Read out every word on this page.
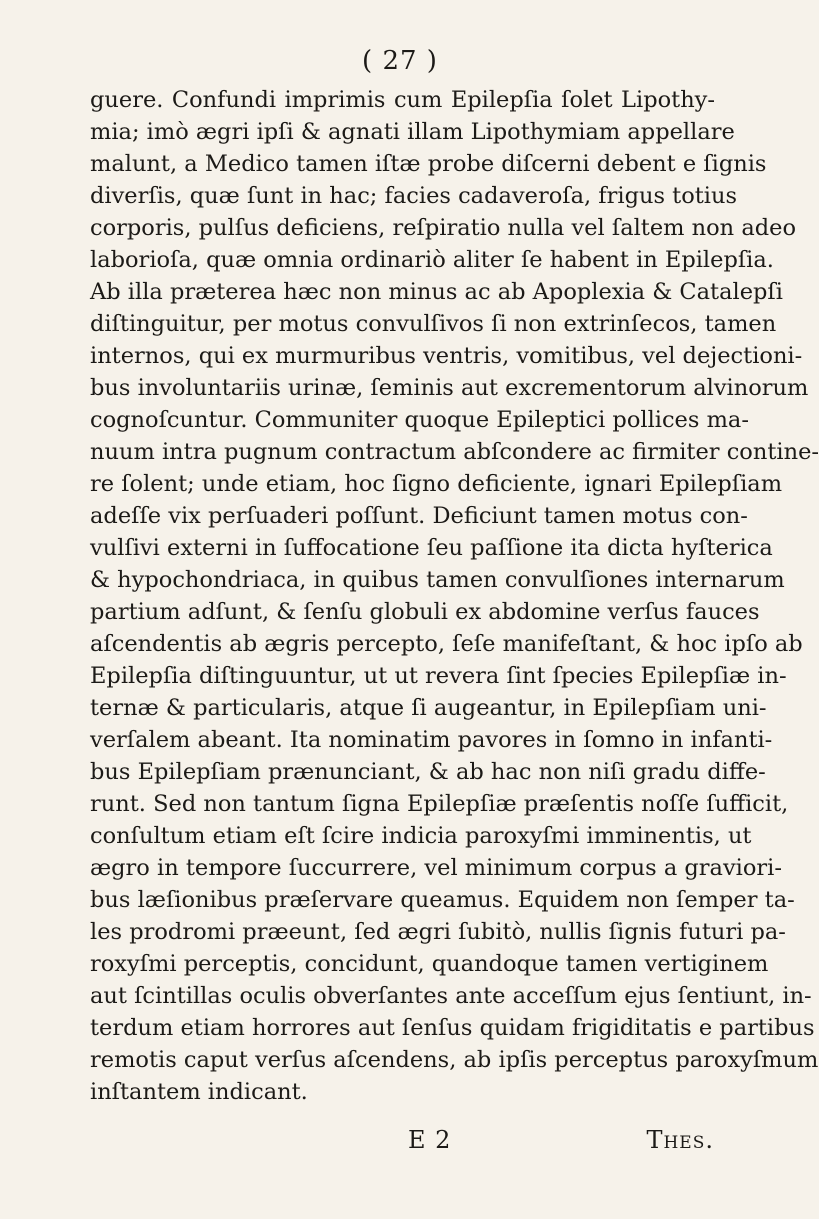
( 27 )
guere. Confundi imprimis cum Epilepſia ſolet Lipothy-
mia; imò ægri ipſi & agnati illam Lipothymiam appellare
malunt, a Medico tamen iſtæ probe diſcerni debent e ſignis
diverſis, quæ ſunt in hac; facies cadaveroſa, frigus totius
corporis, pulſus deficiens, reſpiratio nulla vel ſaltem non adeo
laborioſa, quæ omnia ordinariò aliter ſe habent in Epilepſia.
Ab illa præterea hæc non minus ac ab Apoplexia & Catalepſi
diſtinguitur, per motus convulſivos ſi non extrinſecos, tamen
internos, qui ex murmuribus ventris, vomitibus, vel dejectioni-
bus involuntariis urinæ, ſeminis aut excrementorum alvinorum
cognoſcuntur. Communiter quoque Epileptici pollices ma-
nuum intra pugnum contractum abſcondere ac firmiter contine-
re ſolent; unde etiam, hoc ſigno deficiente, ignari Epilepſiam
adeſſe vix perſuaderi poſſunt. Deficiunt tamen motus con-
vulſivi externi in ſuffocatione ſeu paſſione ita dicta hyſterica
& hypochondriaca, in quibus tamen convulſiones internarum
partium adſunt, & ſenſu globuli ex abdomine verſus fauces
aſcendentis ab ægris percepto, ſeſe manifeſtant, & hoc ipſo ab
Epilepſia diſtinguuntur, ut ut revera ſint ſpecies Epilepſiæ in-
ternæ & particularis, atque ſi augeantur, in Epilepſiam uni-
verſalem abeant. Ita nominatim pavores in ſomno in infanti-
bus Epilepſiam prænunciant, & ab hac non niſi gradu diffe-
runt. Sed non tantum ſigna Epilepſiæ præſentis noſſe ſufficit,
conſultum etiam eſt ſcire indicia paroxyſmi imminentis, ut
ægro in tempore ſuccurrere, vel minimum corpus a graviori-
bus læſionibus præſervare queamus. Equidem non ſemper ta-
les prodromi præeunt, ſed ægri ſubitò, nullis ſignis futuri pa-
roxyſmi perceptis, concidunt, quandoque tamen vertiginem
aut ſcintillas oculis obverſantes ante acceſſum ejus ſentiunt, in-
terdum etiam horrores aut ſenſus quidam frigiditatis e partibus
remotis caput verſus aſcendens, ab ipſis perceptus paroxyſmum
inſtantem indicant.
E 2	Thes.
